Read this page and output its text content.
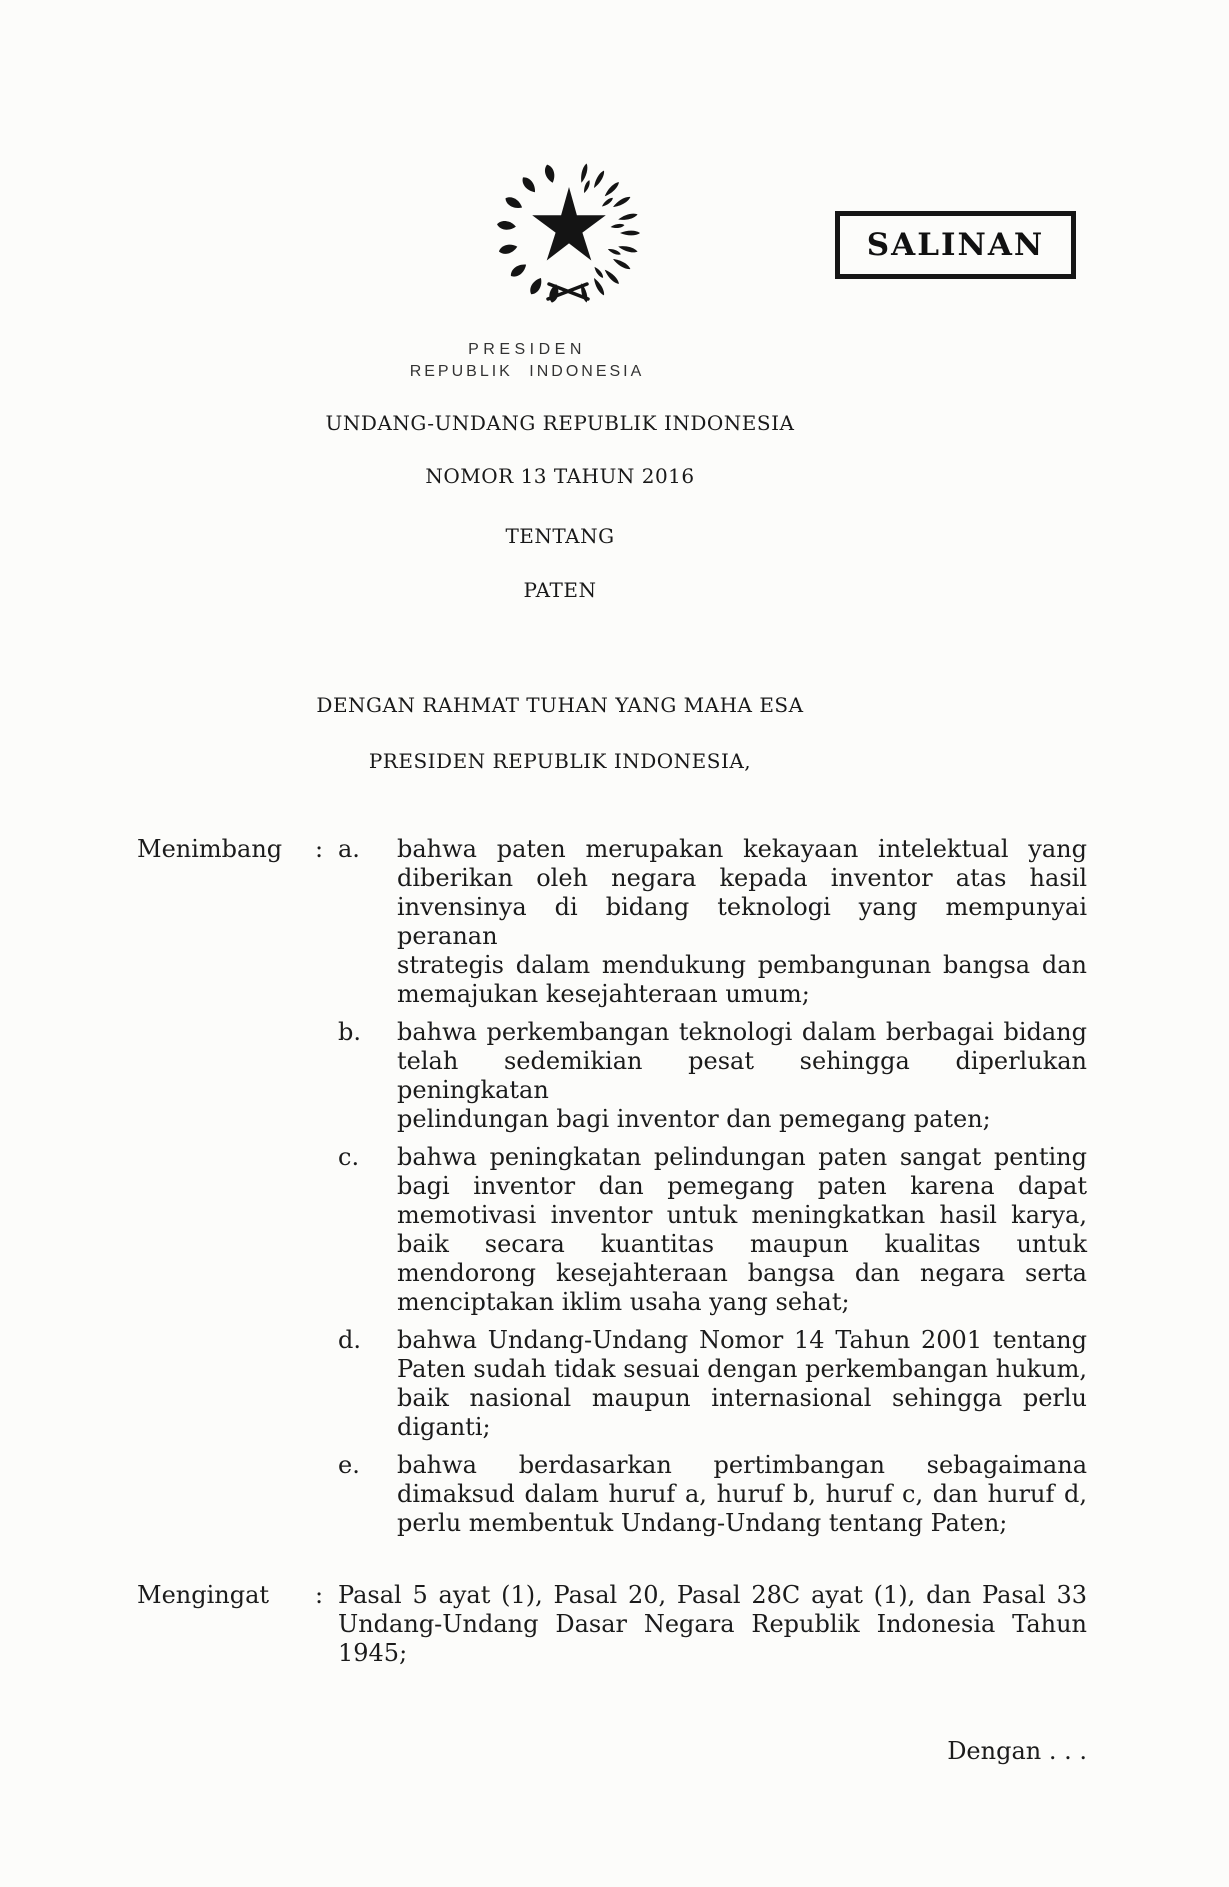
SALINAN
PRESIDEN
REPUBLIK INDONESIA
UNDANG-UNDANG REPUBLIK INDONESIA
NOMOR 13 TAHUN 2016
TENTANG
PATEN
DENGAN RAHMAT TUHAN YANG MAHA ESA
PRESIDEN REPUBLIK INDONESIA,
Menimbang	: a.	bahwa paten merupakan kekayaan intelektual yang
diberikan oleh negara kepada inventor atas hasil
invensinya di bidang teknologi yang mempunyai peranan
strategis dalam mendukung pembangunan bangsa dan
memajukan kesejahteraan umum;
b.	bahwa perkembangan teknologi dalam berbagai bidang
telah sedemikian pesat sehingga diperlukan peningkatan
pelindungan bagi inventor dan pemegang paten;
c.	bahwa peningkatan pelindungan paten sangat penting
bagi inventor dan pemegang paten karena dapat
memotivasi inventor untuk meningkatkan hasil karya,
baik secara kuantitas maupun kualitas untuk
mendorong kesejahteraan bangsa dan negara serta
menciptakan iklim usaha yang sehat;
d.	bahwa Undang-Undang Nomor 14 Tahun 2001 tentang
Paten sudah tidak sesuai dengan perkembangan hukum,
baik nasional maupun internasional sehingga perlu
diganti;
e.	bahwa berdasarkan pertimbangan sebagaimana
dimaksud dalam huruf a, huruf b, huruf c, dan huruf d,
perlu membentuk Undang-Undang tentang Paten;
Mengingat	: Pasal 5 ayat (1), Pasal 20, Pasal 28C ayat (1), dan Pasal 33
Undang-Undang Dasar Negara Republik Indonesia Tahun
1945;
Dengan . . .
